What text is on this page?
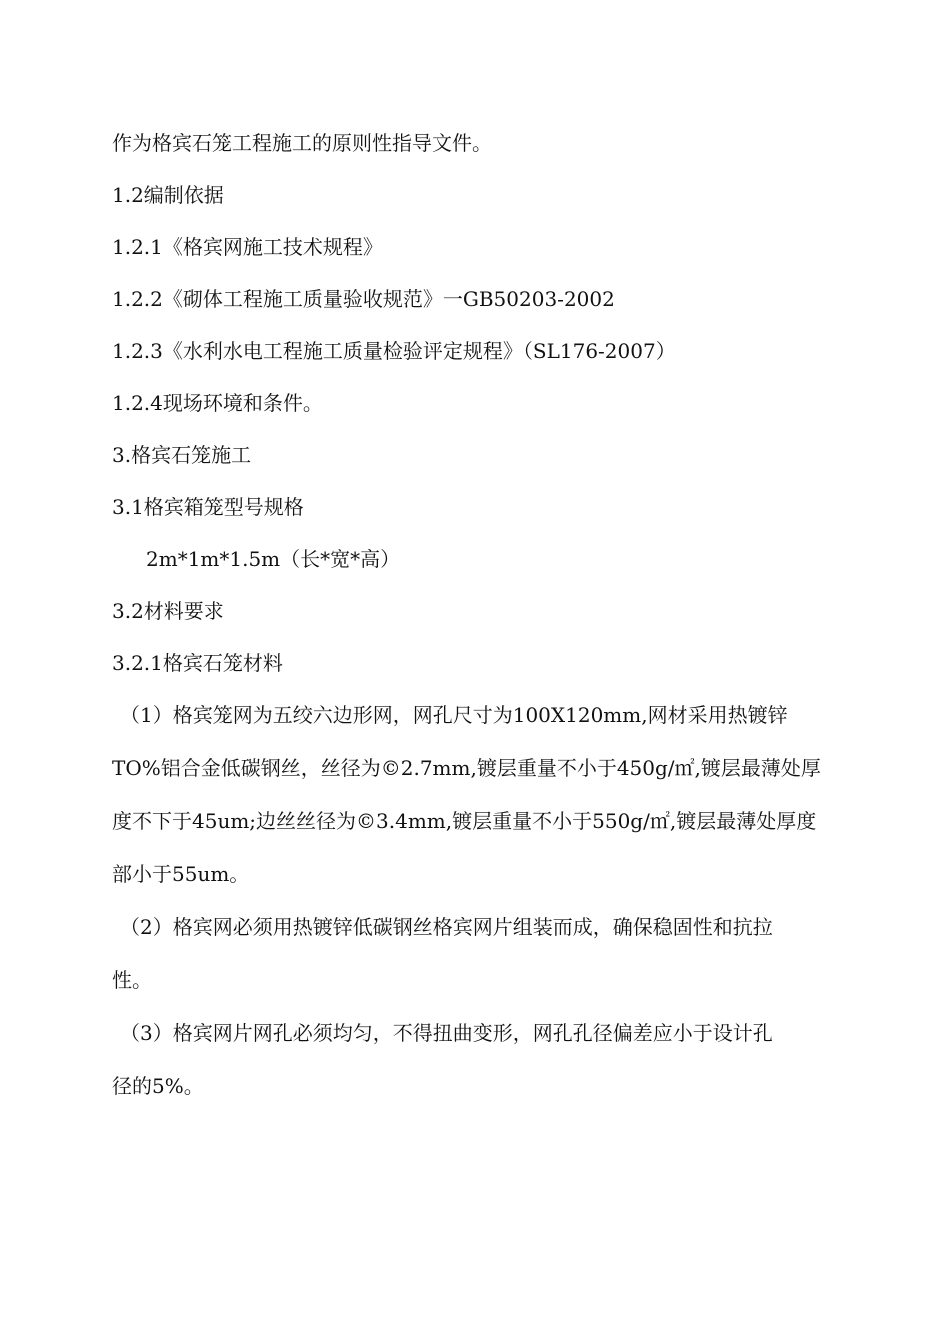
作为格宾石笼工程施工的原则性指导文件。
1.2编制依据
1.2.1《格宾网施工技术规程》
1.2.2《砌体工程施工质量验收规范》一GB50203-2002
1.2.3《水利水电工程施工质量检验评定规程》（SL176-2007）
1.2.4现场环境和条件。
3.格宾石笼施工
3.1格宾箱笼型号规格
2m*1m*1.5m（长*宽*高）
3.2材料要求
3.2.1格宾石笼材料
（1）格宾笼网为五绞六边形网，网孔尺寸为100X120mm,网材采用热镀锌
TO%铝合金低碳钢丝，丝径为©2.7mm,镀层重量不小于450g/㎡,镀层最薄处厚
度不下于45um;边丝丝径为©3.4mm,镀层重量不小于550g/㎡,镀层最薄处厚度
部小于55um。
（2）格宾网必须用热镀锌低碳钢丝格宾网片组装而成，确保稳固性和抗拉
性。
（3）格宾网片网孔必须均匀，不得扭曲变形，网孔孔径偏差应小于设计孔
径的5%。
